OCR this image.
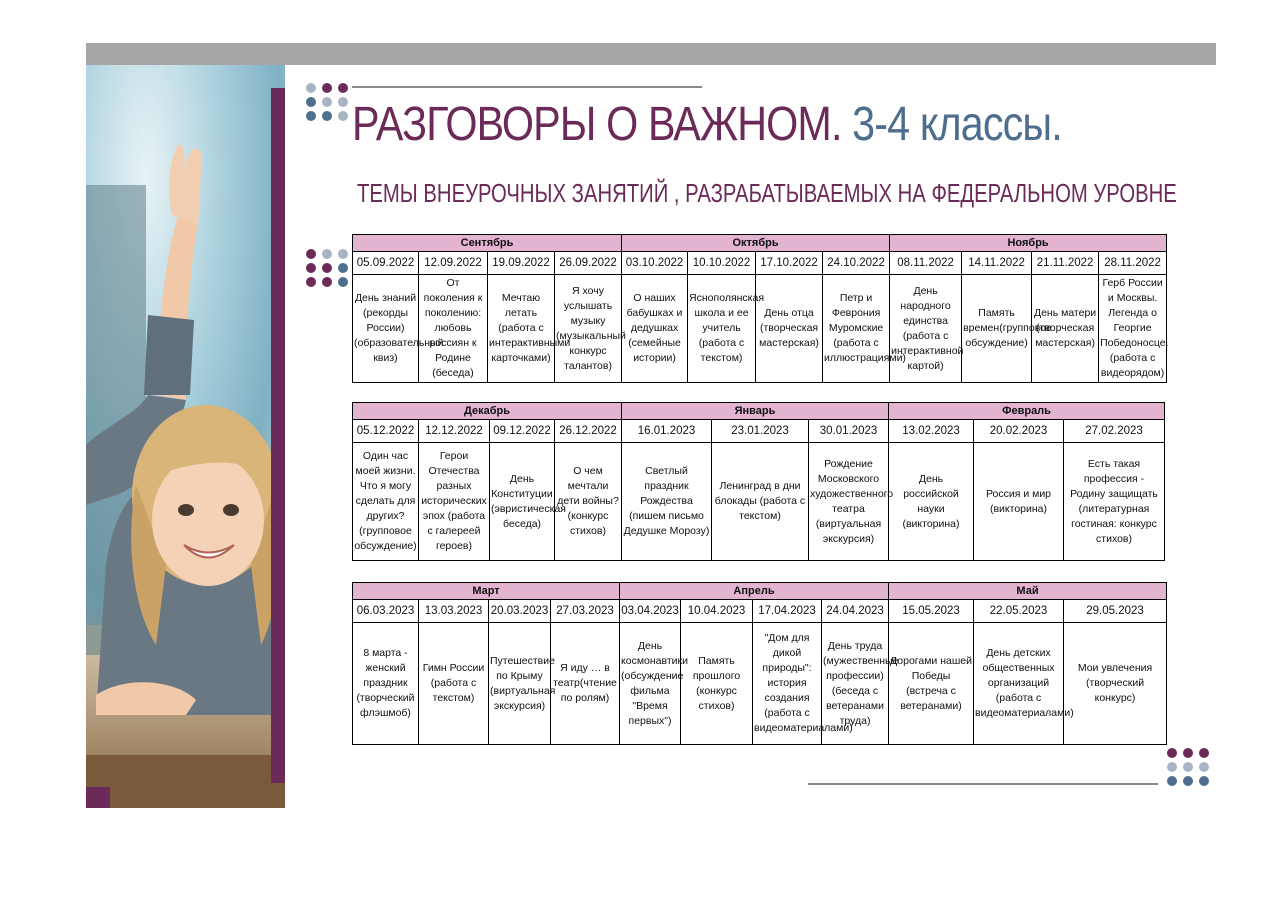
РАЗГОВОРЫ О ВАЖНОМ. 3-4 классы.
ТЕМЫ ВНЕУРОЧНЫХ ЗАНЯТИЙ , РАЗРАБАТЫВАЕМЫХ НА ФЕДЕРАЛЬНОМ УРОВНЕ
Сентябрь				Октябрь				Ноябрь			
05.09.2022	12.09.2022	19.09.2022	26.09.2022	03.10.2022	10.10.2022	17.10.2022	24.10.2022	08.11.2022	14.11.2022	21.11.2022	28.11.2022
День знаний (рекорды России) (образовательный квиз)	От поколения к поколению: любовь россиян к Родине (беседа)	Мечтаю летать (работа с интерактивными карточками)	Я хочу услышать музыку (музыкальный конкурс талантов)	О наших бабушках и дедушках (семейные истории)	Яснополянская школа и ее учитель (работа с текстом)	День отца (творческая мастерская)	Петр и Феврония Муромские (работа с иллюстрациями)	День народного единства (работа с интерактивной картой)	Память времен(групповое обсуждение)	День матери (творческая мастерская)	Герб России и Москвы. Легенда о Георгие Победоносце. (работа с видеорядом)
Декабрь				Январь			Февраль		
05.12.2022	12.12.2022	09.12.2022	26.12.2022	16.01.2023	23.01.2023	30.01.2023	13.02.2023	20.02.2023	27.02.2023
Один час моей жизни. Что я могу сделать для других? (групповое обсуждение)	Герои Отечества разных исторических эпох (работа с галереей героев)	День Конституции (эвристическая беседа)	О чем мечтали дети войны? (конкурс стихов)	Светлый праздник Рождества (пишем письмо Дедушке Морозу)	Ленинград в дни блокады (работа с текстом)	Рождение Московского художественного театра (виртуальная экскурсия)	День российской науки (викторина)	Россия и мир (викторина)	Есть такая профессия - Родину защищать (литературная гостиная: конкурс стихов)
Март				Апрель				Май		
06.03.2023	13.03.2023	20.03.2023	27.03.2023	03.04.2023	10.04.2023	17.04.2023	24.04.2023	15.05.2023	22.05.2023	29.05.2023
8 марта - женский праздник (творческий флэшмоб)	Гимн России (работа с текстом)	Путешествие по Крыму (виртуальная экскурсия)	Я иду … в театр(чтение по ролям)	День космонавтики (обсуждение фильма "Время первых")	Память прошлого (конкурс стихов)	"Дом для дикой природы": история создания (работа с видеоматериалами)	День труда (мужественные профессии) (беседа с ветеранами труда)	Дорогами нашей Победы (встреча с ветеранами)	День детских общественных организаций (работа с видеоматериалами)	Мои увлечения (творческий конкурс)
